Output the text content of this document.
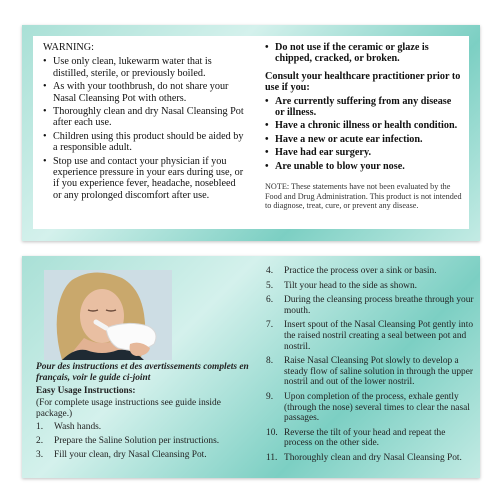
WARNING:
• Use only clean, lukewarm water that is distilled, sterile, or previously boiled.
• As with your toothbrush, do not share your Nasal Cleansing Pot with others.
• Thoroughly clean and dry Nasal Cleansing Pot after each use.
• Children using this product should be aided by a responsible adult.
• Stop use and contact your physician if you experience pressure in your ears during use, or if you experience fever, headache, nosebleed or any prolonged discomfort after use.
• Do not use if the ceramic or glaze is chipped, cracked, or broken.
Consult your healthcare practitioner prior to use if you:
• Are currently suffering from any disease or illness.
• Have a chronic illness or health condition.
• Have a new or acute ear infection.
• Have had ear surgery.
• Are unable to blow your nose.
NOTE: These statements have not been evaluated by the Food and Drug Administration. This product is not intended to diagnose, treat, cure, or prevent any disease.
Pour des instructions et des avertissements complets en français, voir le guide ci-joint
Easy Usage Instructions:
(For complete usage instructions see guide inside package.)
1. Wash hands.
2. Prepare the Saline Solution per instructions.
3. Fill your clean, dry Nasal Cleansing Pot.
4. Practice the process over a sink or basin.
5. Tilt your head to the side as shown.
6. During the cleansing process breathe through your mouth.
7. Insert spout of the Nasal Cleansing Pot gently into the raised nostril creating a seal between pot and nostril.
8. Raise Nasal Cleansing Pot slowly to develop a steady flow of saline solution in through the upper nostril and out of the lower nostril.
9. Upon completion of the process, exhale gently (through the nose) several times to clear the nasal passages.
10. Reverse the tilt of your head and repeat the process on the other side.
11. Thoroughly clean and dry Nasal Cleansing Pot.
